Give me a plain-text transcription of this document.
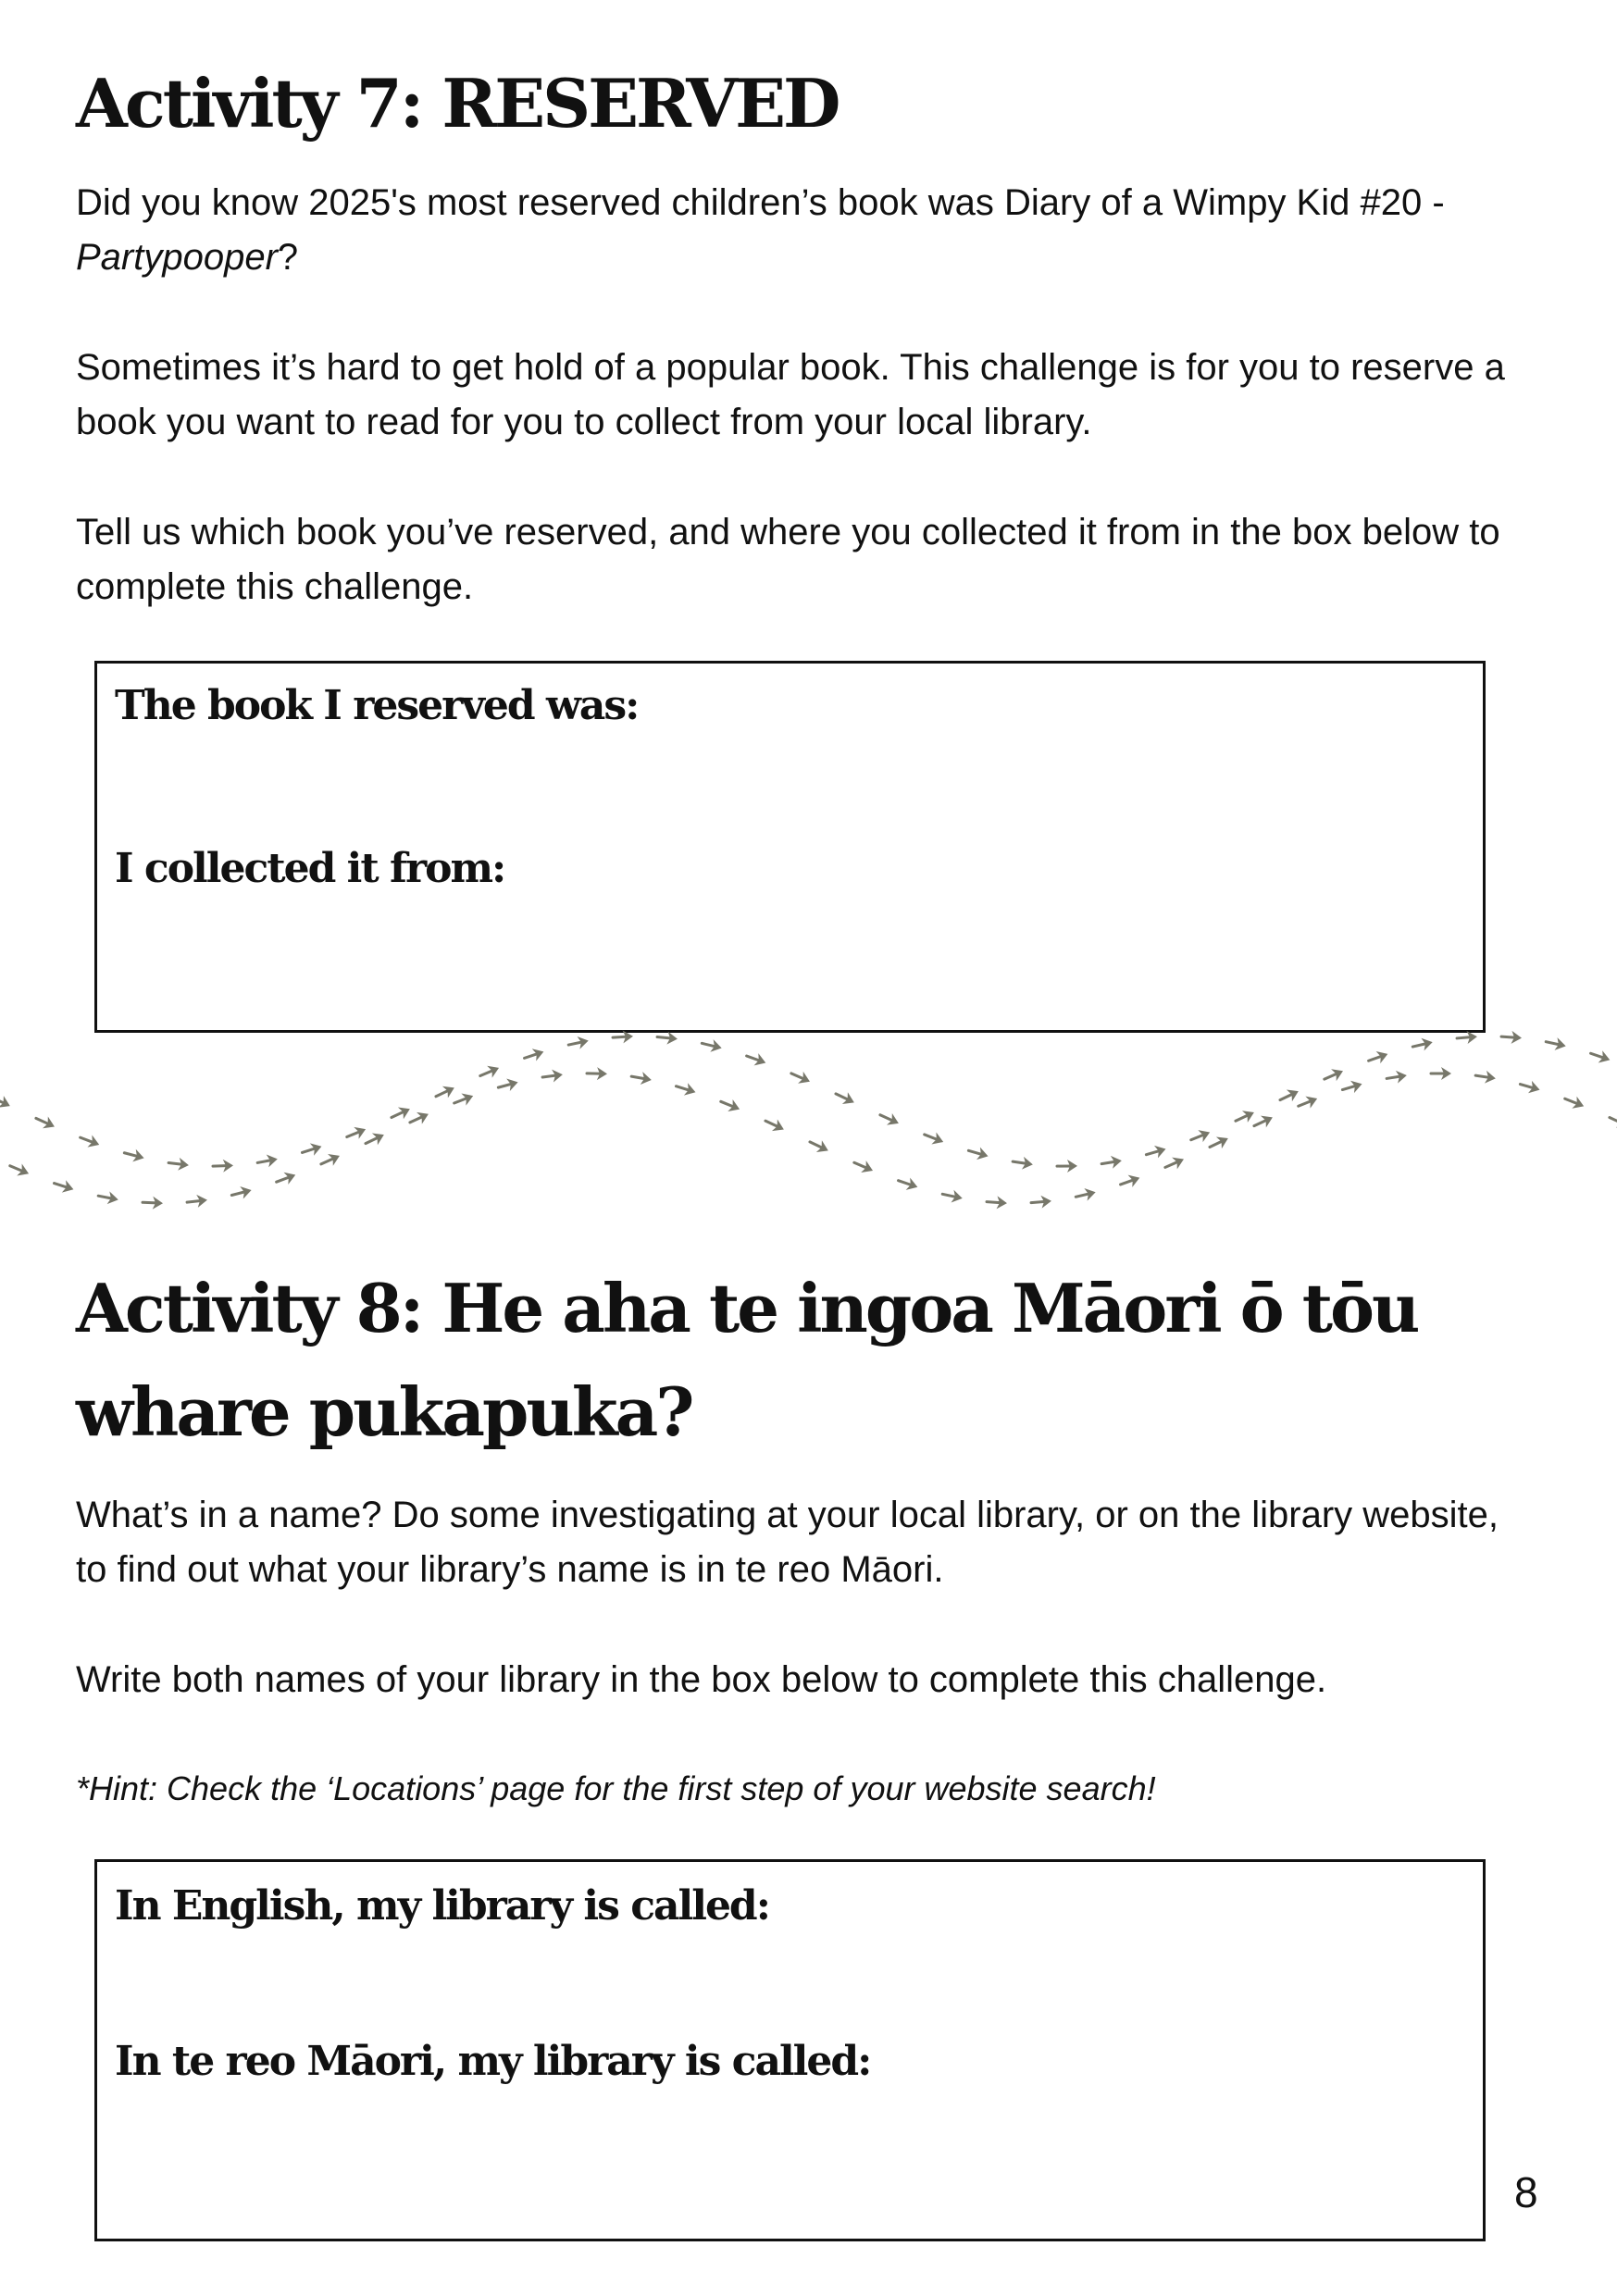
Activity 7: RESERVED

Did you know 2025's most reserved children’s book was Diary of a Wimpy Kid #20 - Partypooper?

Sometimes it’s hard to get hold of a popular book. This challenge is for you to reserve a book you want to read for you to collect from your local library.

Tell us which book you’ve reserved, and where you collected it from in the box below to complete this challenge.

The book I reserved was:
I collected it from:
Activity 8: He aha te ingoa Māori ō tōu whare pukapuka?

What’s in a name? Do some investigating at your local library, or on the library website, to find out what your library’s name is in te reo Māori.

Write both names of your library in the box below to complete this challenge.

*Hint: Check the ‘Locations’ page for the first step of your website search!

In English, my library is called:
In te reo Māori, my library is called:
8
